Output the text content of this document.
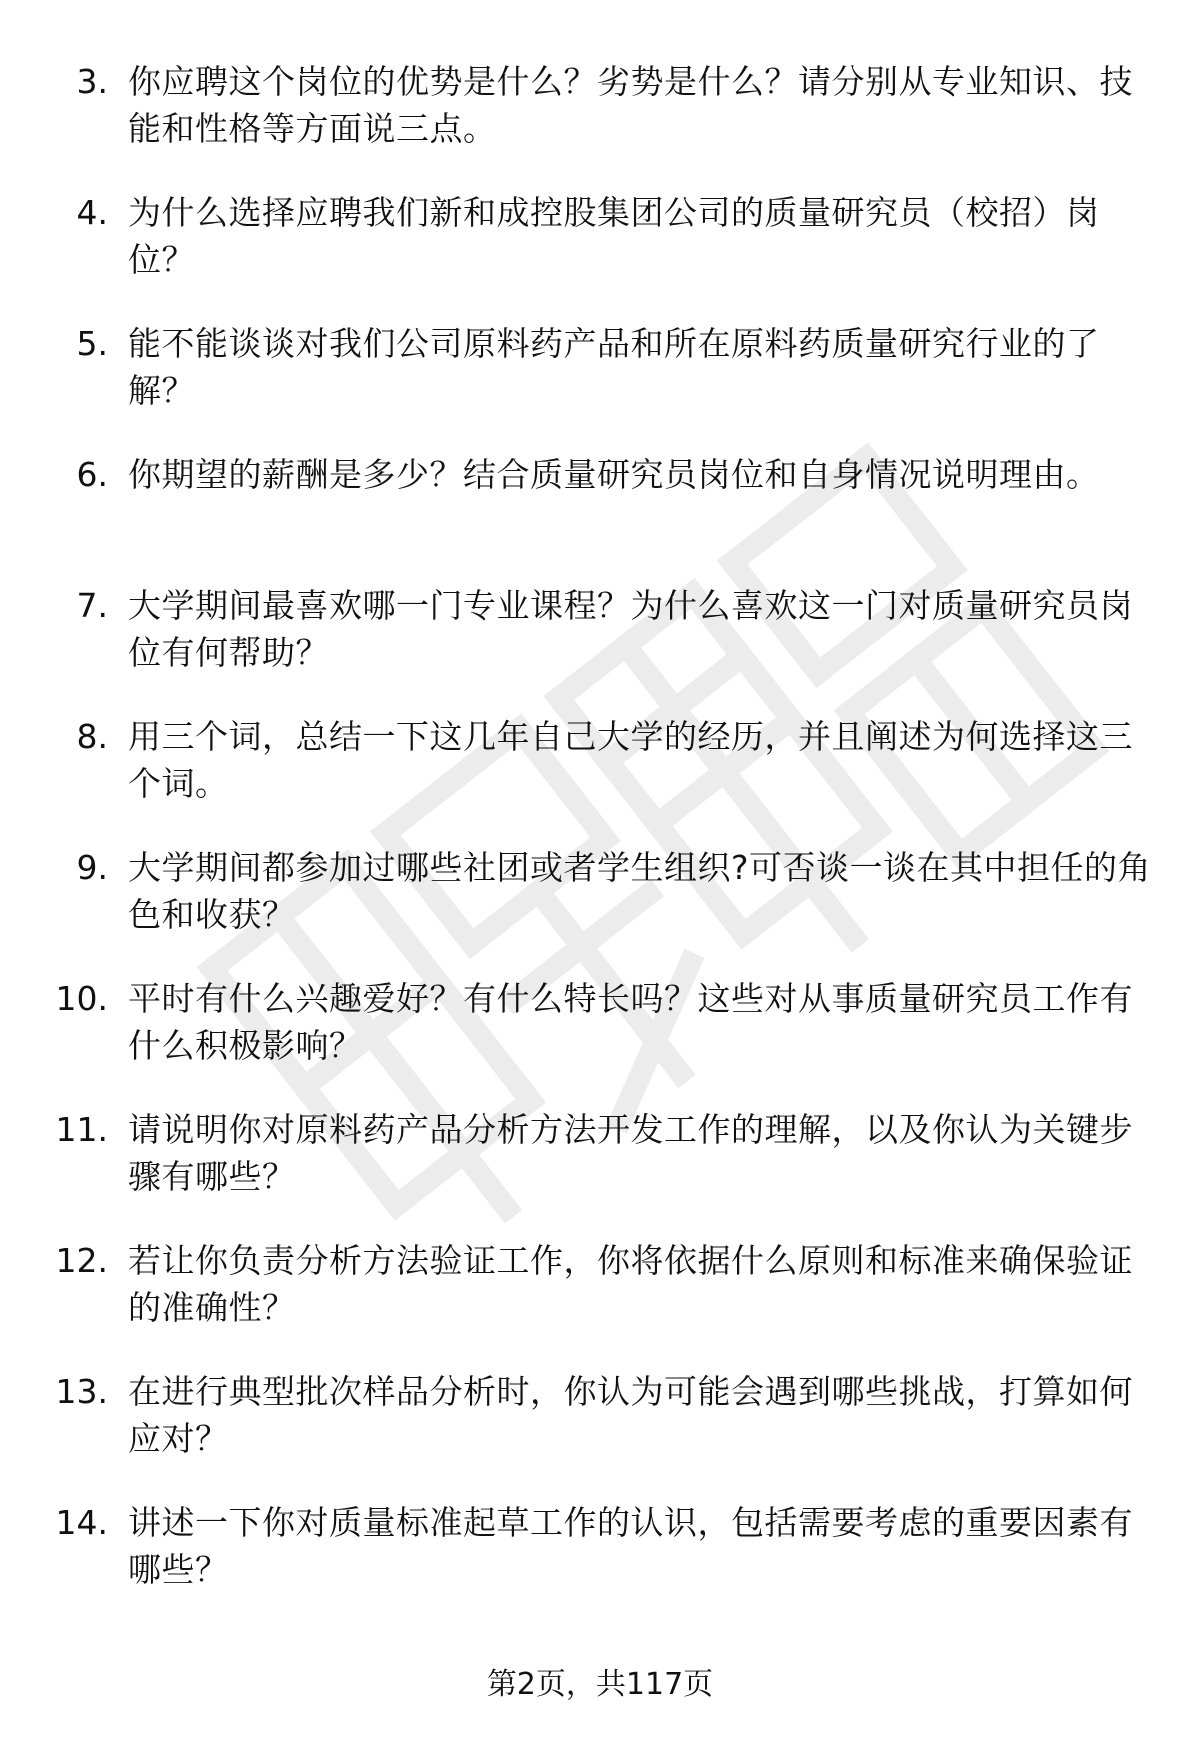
3. 你应聘这个岗位的优势是什么？劣势是什么？请分别从专业知识、技能和性格等方面说三点。
4. 为什么选择应聘我们新和成控股集团公司的质量研究员（校招）岗位？
5. 能不能谈谈对我们公司原料药产品和所在原料药质量研究行业的了解？
6. 你期望的薪酬是多少？结合质量研究员岗位和自身情况说明理由。
7. 大学期间最喜欢哪一门专业课程？为什么喜欢这一门对质量研究员岗位有何帮助？
8. 用三个词，总结一下这几年自己大学的经历，并且阐述为何选择这三个词。
9. 大学期间都参加过哪些社团或者学生组织?可否谈一谈在其中担任的角色和收获？
10. 平时有什么兴趣爱好？有什么特长吗？这些对从事质量研究员工作有什么积极影响？
11. 请说明你对原料药产品分析方法开发工作的理解，以及你认为关键步骤有哪些？
12. 若让你负责分析方法验证工作，你将依据什么原则和标准来确保验证的准确性？
13. 在进行典型批次样品分析时，你认为可能会遇到哪些挑战，打算如何应对？
14. 讲述一下你对质量标准起草工作的认识，包括需要考虑的重要因素有哪些？
第2页，共117页
